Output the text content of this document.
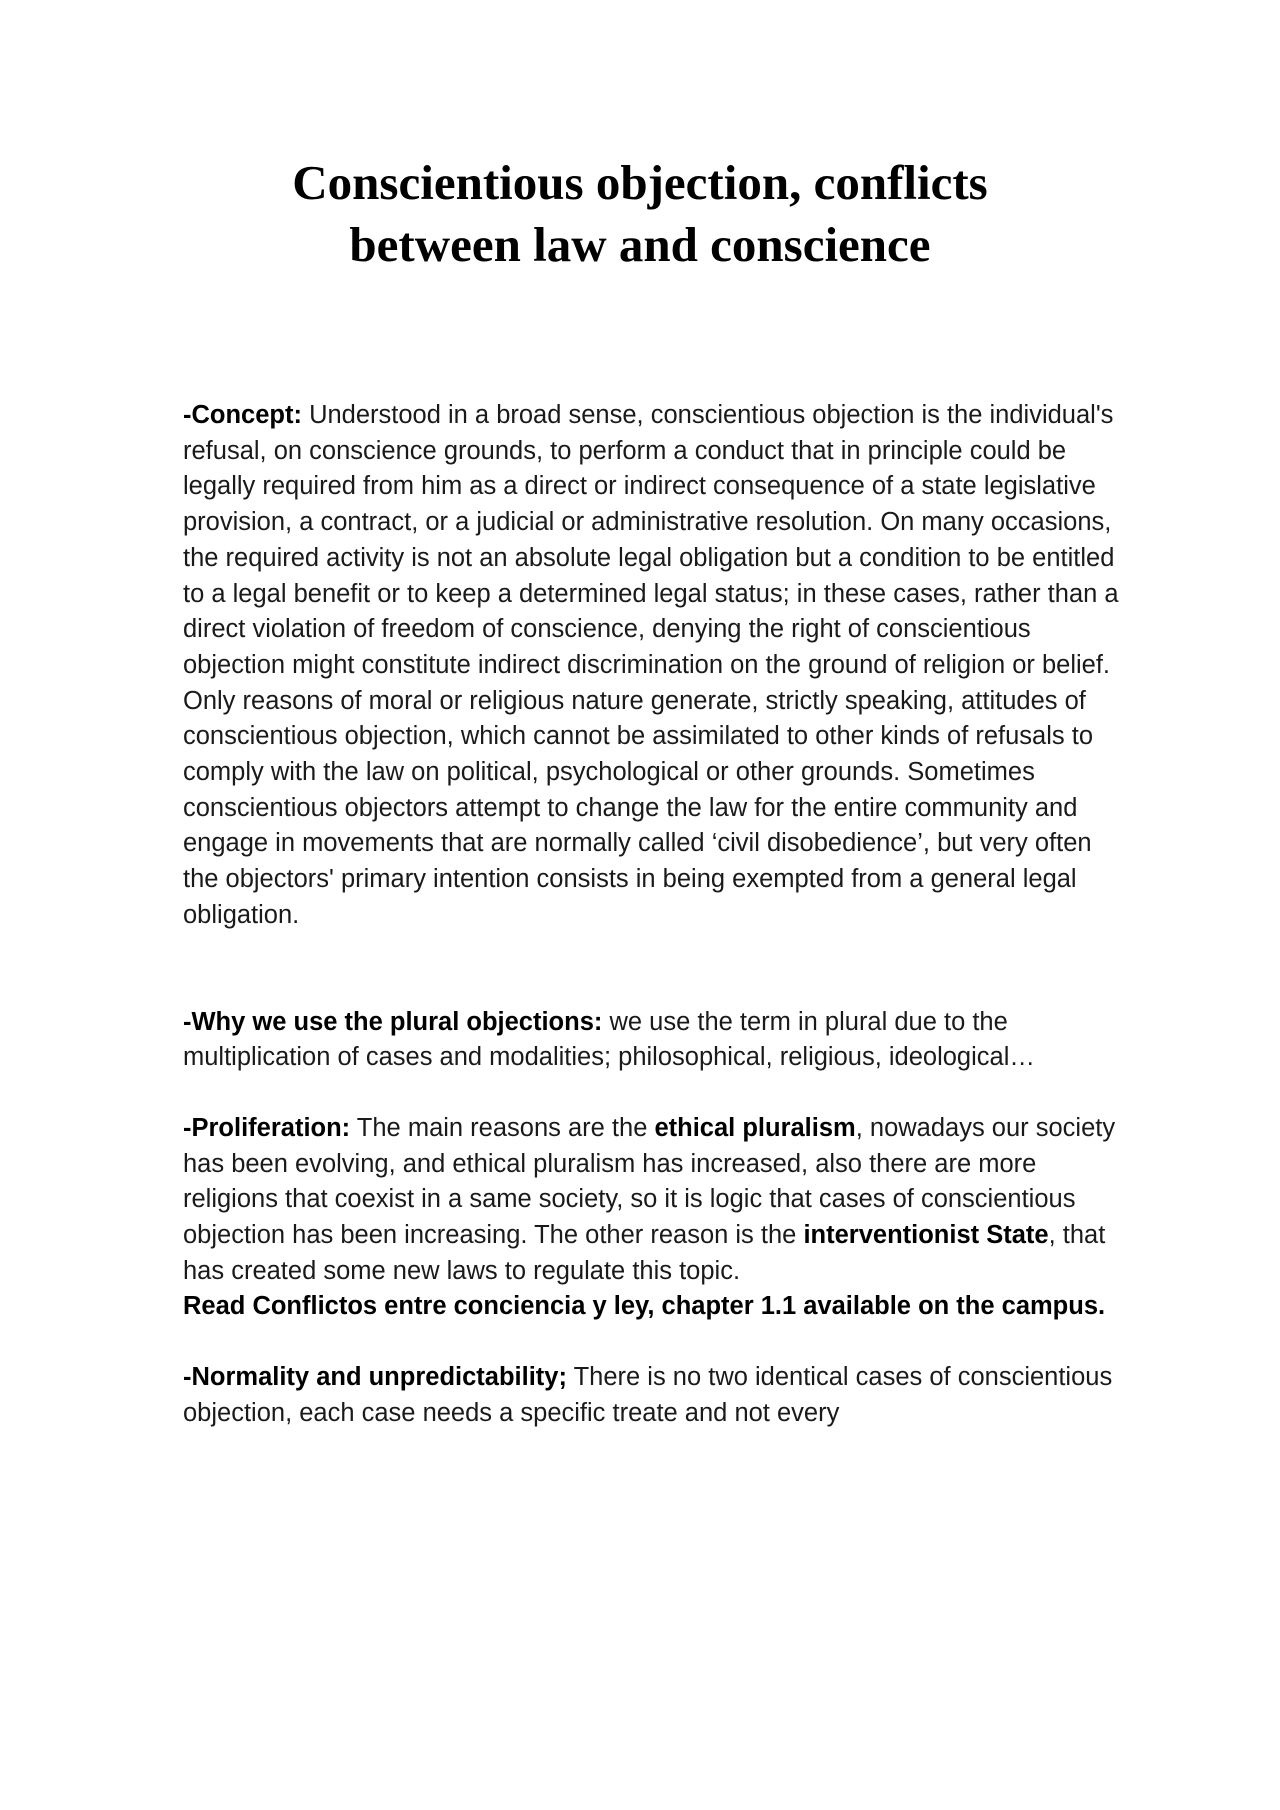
Conscientious objection, conflicts
between law and conscience

-Concept: Understood in a broad sense, conscientious objection is the individual's refusal, on conscience grounds, to perform a conduct that in principle could be legally required from him as a direct or indirect consequence of a state legislative provision, a contract, or a judicial or administrative resolution. On many occasions, the required activity is not an absolute legal obligation but a condition to be entitled to a legal benefit or to keep a determined legal status; in these cases, rather than a direct violation of freedom of conscience, denying the right of conscientious objection might constitute indirect discrimination on the ground of religion or belief. Only reasons of moral or religious nature generate, strictly speaking, attitudes of conscientious objection, which cannot be assimilated to other kinds of refusals to comply with the law on political, psychological or other grounds. Sometimes conscientious objectors attempt to change the law for the entire community and engage in movements that are normally called ‘civil disobedience’, but very often the objectors' primary intention consists in being exempted from a general legal obligation.

-Why we use the plural objections: we use the term in plural due to the multiplication of cases and modalities; philosophical, religious, ideological…

-Proliferation: The main reasons are the ethical pluralism, nowadays our society has been evolving, and ethical pluralism has increased, also there are more religions that coexist in a same society, so it is logic that cases of conscientious objection has been increasing. The other reason is the interventionist State, that has created some new laws to regulate this topic.

Read Conflictos entre conciencia y ley, chapter 1.1 available on the campus.

-Normality and unpredictability; There is no two identical cases of conscientious objection, each case needs a specific treate and not every
